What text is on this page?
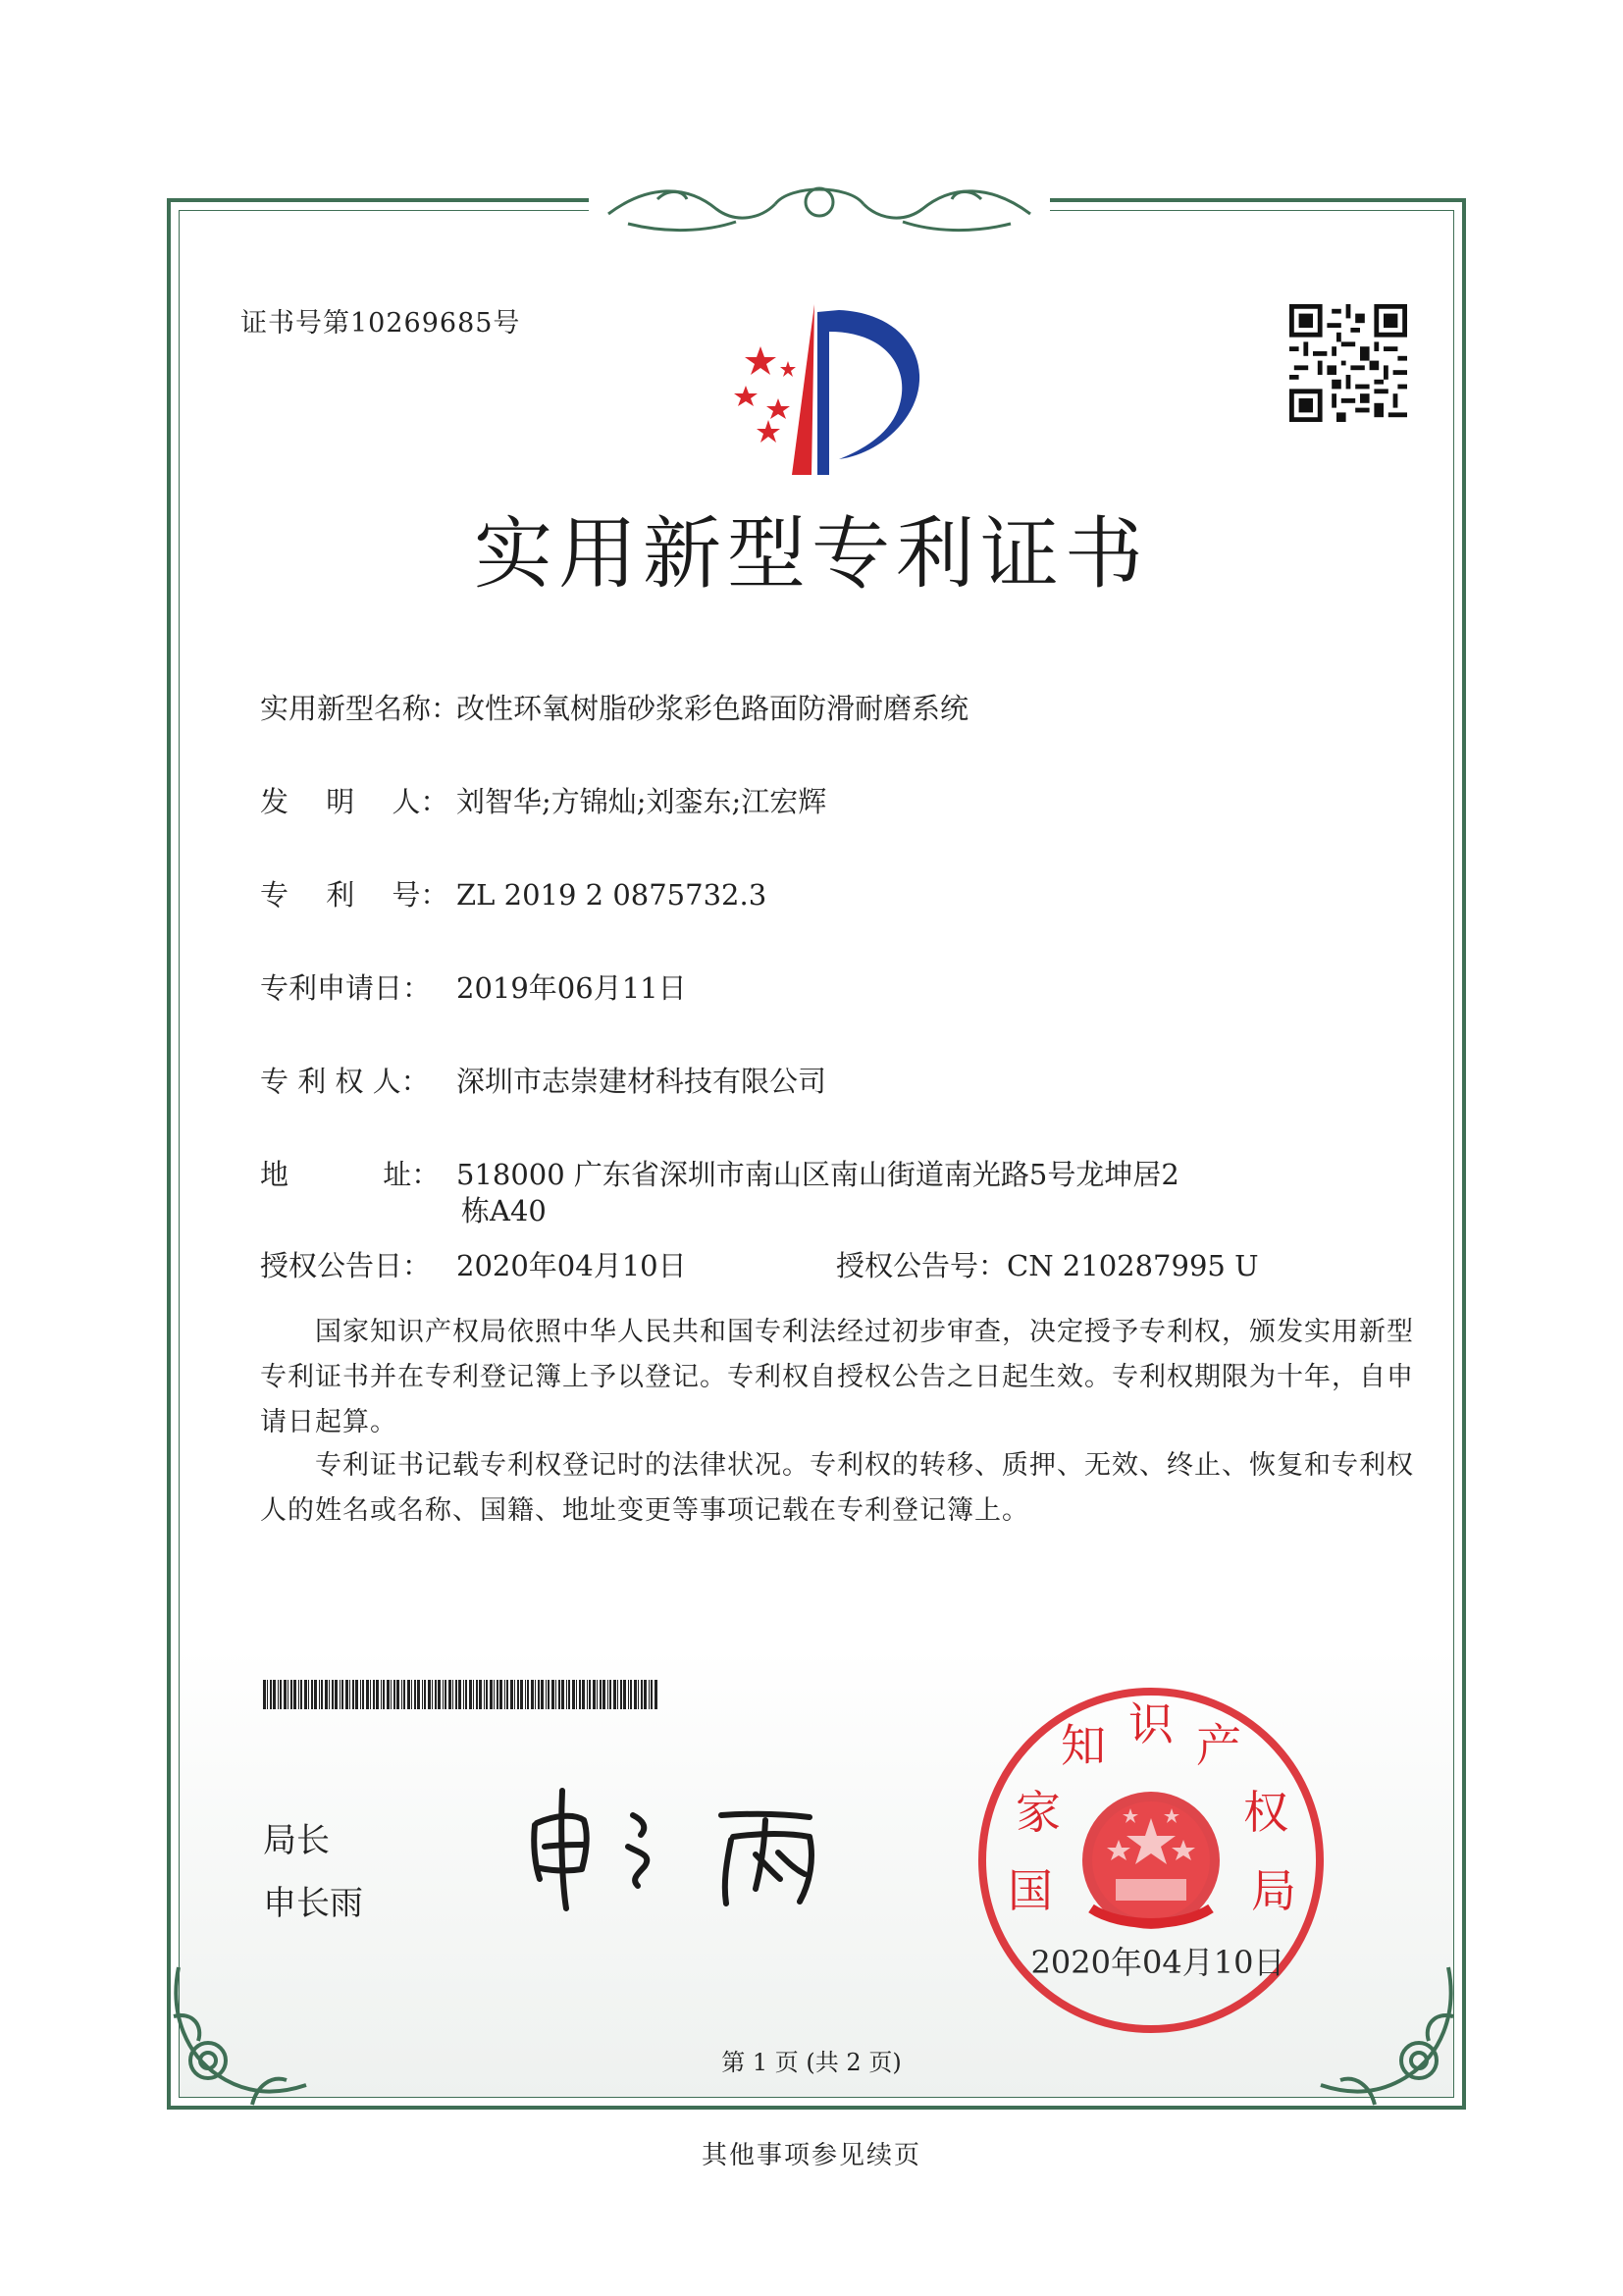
证书号第10269685号
实用新型专利证书
实用新型名称：改性环氧树脂砂浆彩色路面防滑耐磨系统
发　 明　 人： 刘智华;方锦灿;刘銮东;江宏辉
专　 利　 号： ZL 2019 2 0875732.3
专利申请日： 2019年06月11日
专 利 权 人： 深圳市志崇建材科技有限公司
地　　　 址： 518000 广东省深圳市南山区南山街道南光路5号龙坤居2
栋A40
授权公告日： 2020年04月10日	授权公告号：CN 210287995 U
国家知识产权局依照中华人民共和国专利法经过初步审查，决定授予专利权，颁发实用新型专利证书并在专利登记簿上予以登记。专利权自授权公告之日起生效。专利权期限为十年，自申请日起算。
专利证书记载专利权登记时的法律状况。专利权的转移、质押、无效、终止、恢复和专利权人的姓名或名称、国籍、地址变更等事项记载在专利登记簿上。
局长
申长雨	国
家
知 识 产
权
局
2020年04月10日
第 1 页 (共 2 页)
其他事项参见续页
